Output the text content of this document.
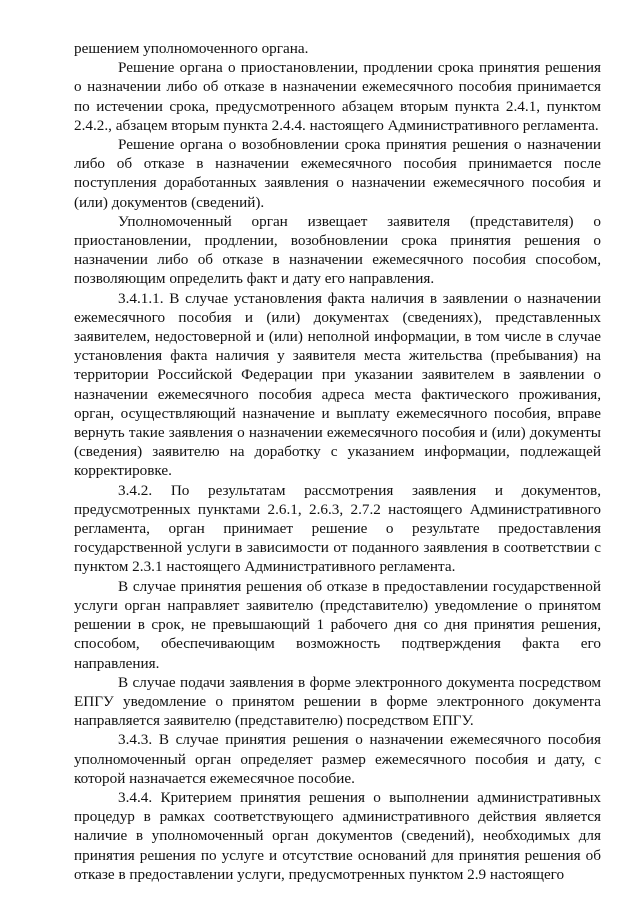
решением уполномоченного органа.

Решение органа о приостановлении, продлении срока принятия решения о назначении либо об отказе в назначении ежемесячного пособия принимается по истечении срока, предусмотренного абзацем вторым пункта 2.4.1, пунктом 2.4.2., абзацем вторым пункта 2.4.4. настоящего Административного регламента.

Решение органа о возобновлении срока принятия решения о назначении либо об отказе в назначении ежемесячного пособия принимается после поступления доработанных заявления о назначении ежемесячного пособия и (или) документов (сведений).

Уполномоченный орган извещает заявителя (представителя) о приостановлении, продлении, возобновлении срока принятия решения о назначении либо об отказе в назначении ежемесячного пособия способом, позволяющим определить факт и дату его направления.

3.4.1.1. В случае установления факта наличия в заявлении о назначении ежемесячного пособия и (или) документах (сведениях), представленных заявителем, недостоверной и (или) неполной информации, в том числе в случае установления факта наличия у заявителя места жительства (пребывания) на территории Российской Федерации при указании заявителем в заявлении о назначении ежемесячного пособия адреса места фактического проживания, орган, осуществляющий назначение и выплату ежемесячного пособия, вправе вернуть такие заявления о назначении ежемесячного пособия и (или) документы (сведения) заявителю на доработку с указанием информации, подлежащей корректировке.

3.4.2. По результатам рассмотрения заявления и документов, предусмотренных пунктами 2.6.1, 2.6.3, 2.7.2 настоящего Административного регламента, орган принимает решение о результате предоставления государственной услуги в зависимости от поданного заявления в соответствии с пунктом 2.3.1 настоящего Административного регламента.

В случае принятия решения об отказе в предоставлении государственной услуги орган направляет заявителю (представителю) уведомление о принятом решении в срок, не превышающий 1 рабочего дня со дня принятия решения, способом, обеспечивающим возможность подтверждения факта его направления.

В случае подачи заявления в форме электронного документа посредством ЕПГУ уведомление о принятом решении в форме электронного документа направляется заявителю (представителю) посредством ЕПГУ.

3.4.3. В случае принятия решения о назначении ежемесячного пособия уполномоченный орган определяет размер ежемесячного пособия и дату, с которой назначается ежемесячное пособие.

3.4.4. Критерием принятия решения о выполнении административных процедур в рамках соответствующего административного действия является наличие в уполномоченный орган документов (сведений), необходимых для принятия решения по услуге и отсутствие оснований для принятия решения об отказе в предоставлении услуги, предусмотренных пунктом 2.9 настоящего
